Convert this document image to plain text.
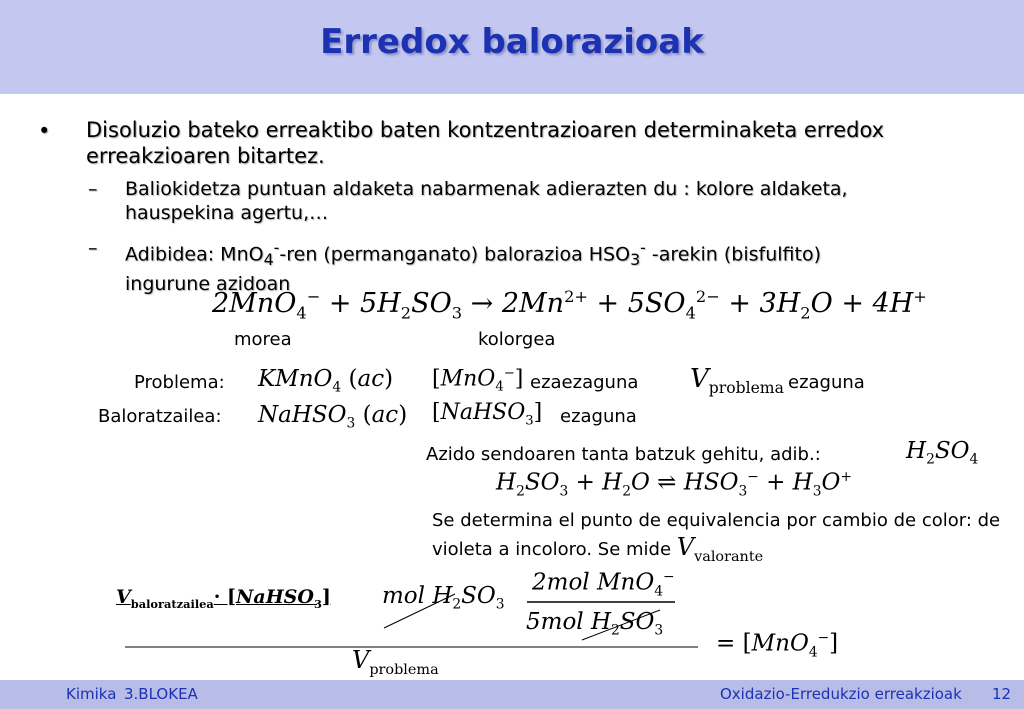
Erredox balorazioak
• Disoluzio bateko erreaktibo baten kontzentrazioaren determinaketa erredox erreakzioaren bitartez.
– Baliokidetza puntuan aldaketa nabarmenak adierazten du : kolore aldaketa, hauspekina agertu,…
– Adibidea: MnO$_4$--ren (permanganato) balorazioa $HSO_3^-$ -arekin (bisfulfito) ingurune azidoan
$2MnO_4^- + 5H_2SO_3 \to 2Mn^{2+} + 5SO_4^{2-} + 3H_2O + 4H^+$
morea	kolorgea
Problema: KMnO$_4$ (ac) [MnO$_4$−] ezaezaguna $V_{problema}$ ezaguna
Baloratzailea: NaHSO$_3$ (ac) [NaHSO$_3$] ezaguna
Azido sendoaren tanta batzuk gehitu, adib.:	$H_2SO_4$
$H_2SO_3 + H_2O$ ⇌ $HSO_3^- + H_3O^+$
Se determina el punto de equivalencia por cambio de color: de violeta a incoloro. Se mide $V_{valorante}$
$V_{baloratzailea}\cdot$ [NaHSO$_3$] mol $H_2SO_3$
2mol MnO$_4$−
5mol $H_2SO_3$
= [MnO$_4$−]
$V_{problema}$
Kimika 3.BLOKEA	Oxidazio-Erredukzio erreakzioak 12
